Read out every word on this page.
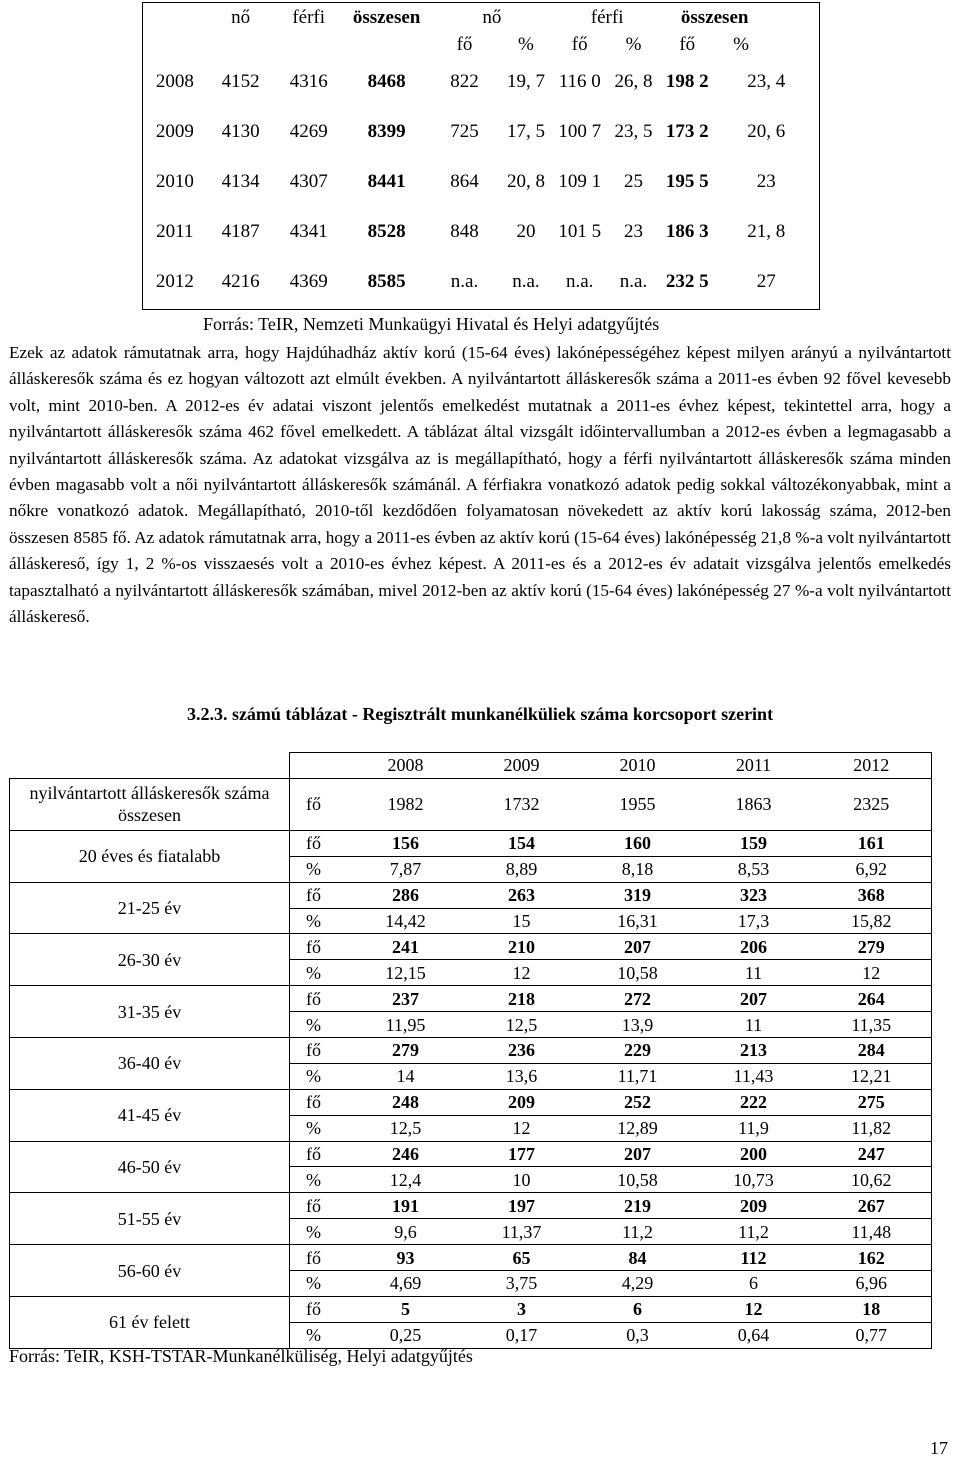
	nő	férfi	összesen	nő		férfi		összesen		
				fő	%	fő	%	fő	%	
2008	4152	4316	8468	822	19, 7	116 0	26, 8	198 2	23, 4	
2009	4130	4269	8399	725	17, 5	100 7	23, 5	173 2	20, 6	
2010	4134	4307	8441	864	20, 8	109 1	25	195 5	23	
2011	4187	4341	8528	848	20	101 5	23	186 3	21, 8	
2012	4216	4369	8585	n.a.	n.a.	n.a.	n.a.	232 5	27	
Forrás: TeIR, Nemzeti Munkaügyi Hivatal és Helyi adatgyűjtés										

Ezek az adatok rámutatnak arra, hogy Hajdúhadház aktív korú (15-64 éves) lakónépességéhez képest milyen arányú a nyilvántartott álláskeresők száma és ez hogyan változott azt elmúlt években. A nyilvántartott álláskeresők száma a 2011-es évben 92 fővel kevesebb volt, mint 2010-ben. A 2012-es év adatai viszont jelentős emelkedést mutatnak a 2011-es évhez képest, tekintettel arra, hogy a nyilvántartott álláskeresők száma 462 fővel emelkedett. A táblázat által vizsgált időintervallumban a 2012-es évben a legmagasabb a nyilvántartott álláskeresők száma. Az adatokat vizsgálva az is megállapítható, hogy a férfi nyilvántartott álláskeresők száma minden évben magasabb volt a női nyilvántartott álláskeresők számánál. A férfiakra vonatkozó adatok pedig sokkal változékonyabbak, mint a nőkre vonatkozó adatok. Megállapítható, 2010-től kezdődően folyamatosan növekedett az aktív korú lakosság száma, 2012-ben összesen 8585 fő. Az adatok rámutatnak arra, hogy a 2011-es évben az aktív korú (15-64 éves) lakónépesség 21,8 %-a volt nyilvántartott álláskereső, így 1, 2 %-os visszaesés volt a 2010-es évhez képest. A 2011-es és a 2012-es év adatait vizsgálva jelentős emelkedés tapasztalható a nyilvántartott álláskeresők számában, mivel 2012-ben az aktív korú (15-64 éves) lakónépesség 27 %-a volt nyilvántartott álláskereső.

3.2.3. számú táblázat - Regisztrált munkanélküliek száma korcsoport szerint
		2008	2009	2010	2011	2012
nyilvántartott álláskeresők száma összesen	fő	1982	1732	1955	1863	2325
20 éves és fiatalabb	fő	156	154	160	159	161
	%	7,87	8,89	8,18	8,53	6,92
21-25 év	fő	286	263	319	323	368
	%	14,42	15	16,31	17,3	15,82
26-30 év	fő	241	210	207	206	279
	%	12,15	12	10,58	11	12
31-35 év	fő	237	218	272	207	264
	%	11,95	12,5	13,9	11	11,35
36-40 év	fő	279	236	229	213	284
	%	14	13,6	11,71	11,43	12,21
41-45 év	fő	248	209	252	222	275
	%	12,5	12	12,89	11,9	11,82
46-50 év	fő	246	177	207	200	247
	%	12,4	10	10,58	10,73	10,62
51-55 év	fő	191	197	219	209	267
	%	9,6	11,37	11,2	11,2	11,48
56-60 év	fő	93	65	84	112	162
	%	4,69	3,75	4,29	6	6,96
61 év felett	fő	5	3	6	12	18
	%	0,25	0,17	0,3	0,64	0,77
Forrás: TeIR, KSH-TSTAR-Munkanélküliség, Helyi adatgyűjtés
17
